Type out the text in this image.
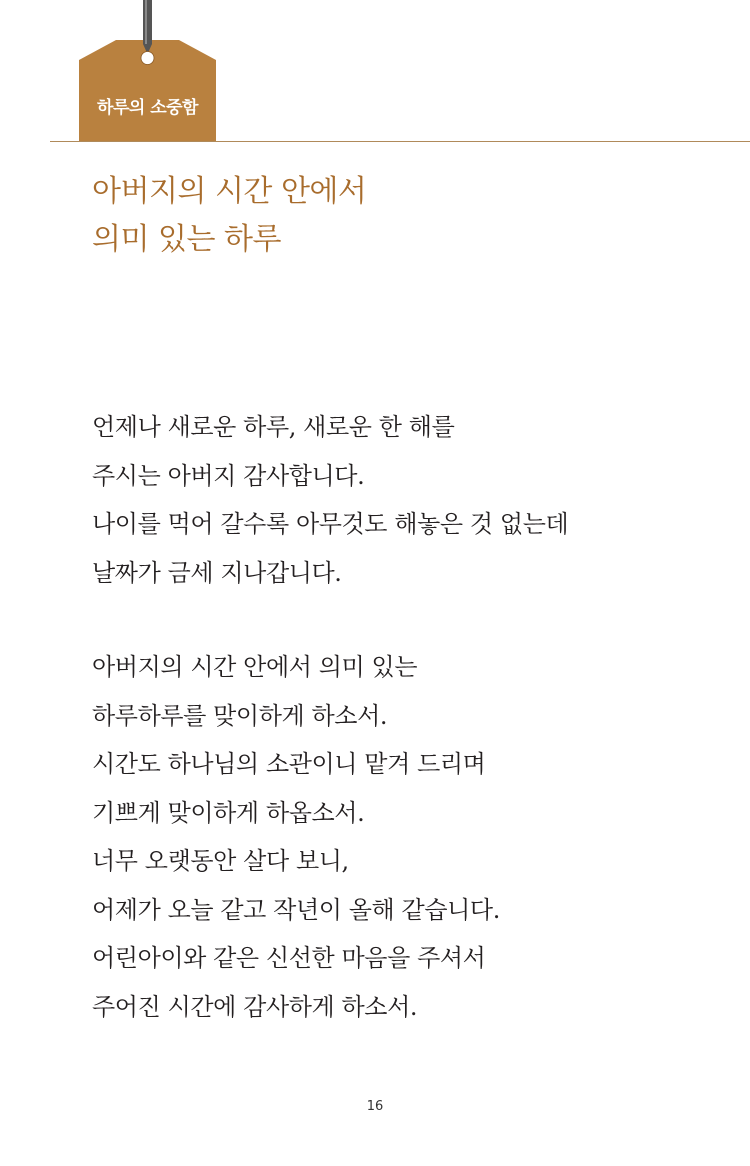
하루의 소중함
아버지의 시간 안에서
의미 있는 하루
언제나 새로운 하루, 새로운 한 해를
주시는 아버지 감사합니다.
나이를 먹어 갈수록 아무것도 해놓은 것 없는데
날짜가 금세 지나갑니다.
아버지의 시간 안에서 의미 있는
하루하루를 맞이하게 하소서.
시간도 하나님의 소관이니 맡겨 드리며
기쁘게 맞이하게 하옵소서.
너무 오랫동안 살다 보니,
어제가 오늘 같고 작년이 올해 같습니다.
어린아이와 같은 신선한 마음을 주셔서
주어진 시간에 감사하게 하소서.
16
